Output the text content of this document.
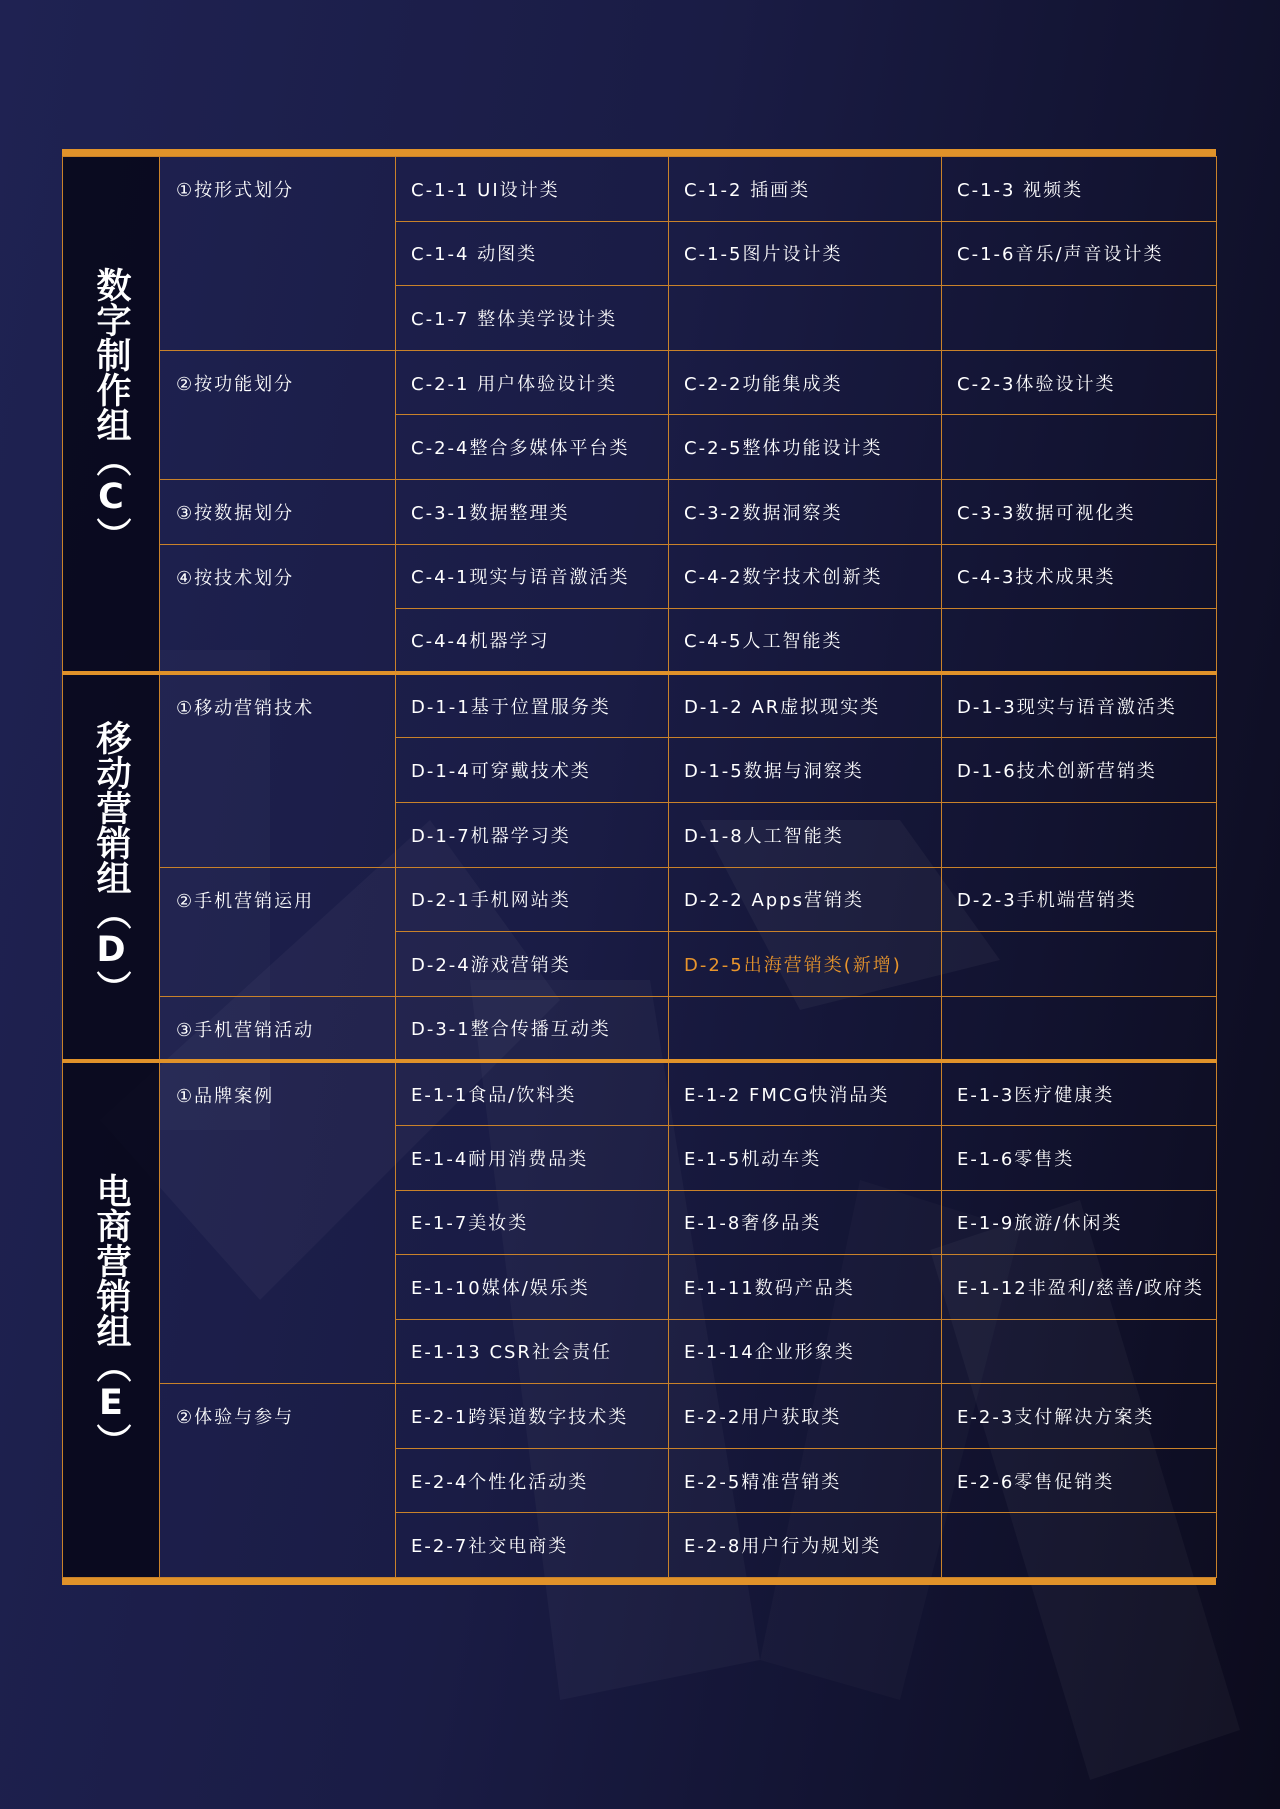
数字制作组（C）	①按形式划分	C-1-1 UI设计类	C-1-2 插画类	C-1-3 视频类
		C-1-4 动图类	C-1-5图片设计类	C-1-6音乐/声音设计类
		C-1-7 整体美学设计类		
	②按功能划分	C-2-1 用户体验设计类	C-2-2功能集成类	C-2-3体验设计类
		C-2-4整合多媒体平台类	C-2-5整体功能设计类	
	③按数据划分	C-3-1数据整理类	C-3-2数据洞察类	C-3-3数据可视化类
	④按技术划分	C-4-1现实与语音激活类	C-4-2数字技术创新类	C-4-3技术成果类
		C-4-4机器学习	C-4-5人工智能类	
移动营销组（D）	①移动营销技术	D-1-1基于位置服务类	D-1-2 AR虚拟现实类	D-1-3现实与语音激活类
		D-1-4可穿戴技术类	D-1-5数据与洞察类	D-1-6技术创新营销类
		D-1-7机器学习类	D-1-8人工智能类	
	②手机营销运用	D-2-1手机网站类	D-2-2 Apps营销类	D-2-3手机端营销类
		D-2-4游戏营销类	D-2-5出海营销类(新增)	
	③手机营销活动	D-3-1整合传播互动类		
电商营销组（E）	①品牌案例	E-1-1食品/饮料类	E-1-2 FMCG快消品类	E-1-3医疗健康类
		E-1-4耐用消费品类	E-1-5机动车类	E-1-6零售类
		E-1-7美妆类	E-1-8奢侈品类	E-1-9旅游/休闲类
		E-1-10媒体/娱乐类	E-1-11数码产品类	E-1-12非盈利/慈善/政府类
		E-1-13 CSR社会责任	E-1-14企业形象类	
	②体验与参与	E-2-1跨渠道数字技术类	E-2-2用户获取类	E-2-3支付解决方案类
		E-2-4个性化活动类	E-2-5精准营销类	E-2-6零售促销类
		E-2-7社交电商类	E-2-8用户行为规划类	
